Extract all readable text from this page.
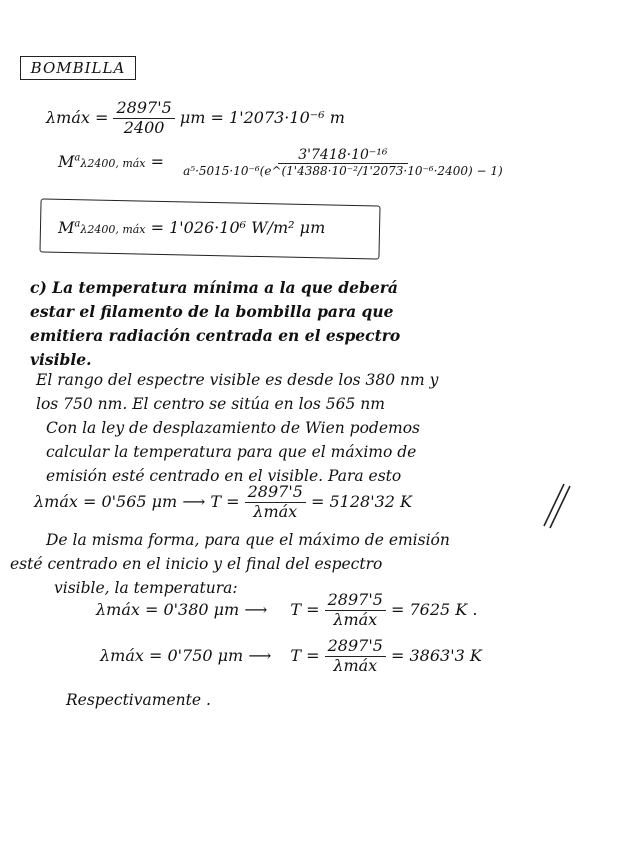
BOMBILLA
λmáx = $\frac{2897'5}{2400}$ μm = 1'2073·10⁻⁶ m
$M^a\lambda 2400$, máx = $\frac{\text{3'7418·10⁻¹⁶}}{\text{a⁵·5015·10⁻⁶(e\textasciicircum{}(1'4388·10⁻²/1'2073·10⁻⁶·2400) − 1)}}$
$M^a\lambda 2400$, máx = 1'026·10⁶ W/m² μm
c) La temperatura mínima a la que deberá
estar el filamento de la bombilla para que
emitiera radiación centrada en el espectro
visible.
El rango del espectre visible es desde los 380 nm y
los 750 nm. El centro se sitúa en los 565 nm
Con la ley de desplazamiento de Wien podemos
calcular la temperatura para que el máximo de
emisión esté centrado en el visible. Para esto
λmáx = 0'565 μm ⟶ $T = \frac{2897'5}{\text{λmáx}} = 5128'32$ K
De la misma forma, para que el máximo de emisión
esté centrado en el inicio y el final del espectro
visible, la temperatura:
λmáx = 0'380 μm ⟶ $T = \frac{2897'5}{\text{λmáx}} = 7625$ K .
λmáx = 0'750 μm ⟶ $T = \frac{2897'5}{\text{λmáx}} = 3863'3$ K
Respectivamente .
